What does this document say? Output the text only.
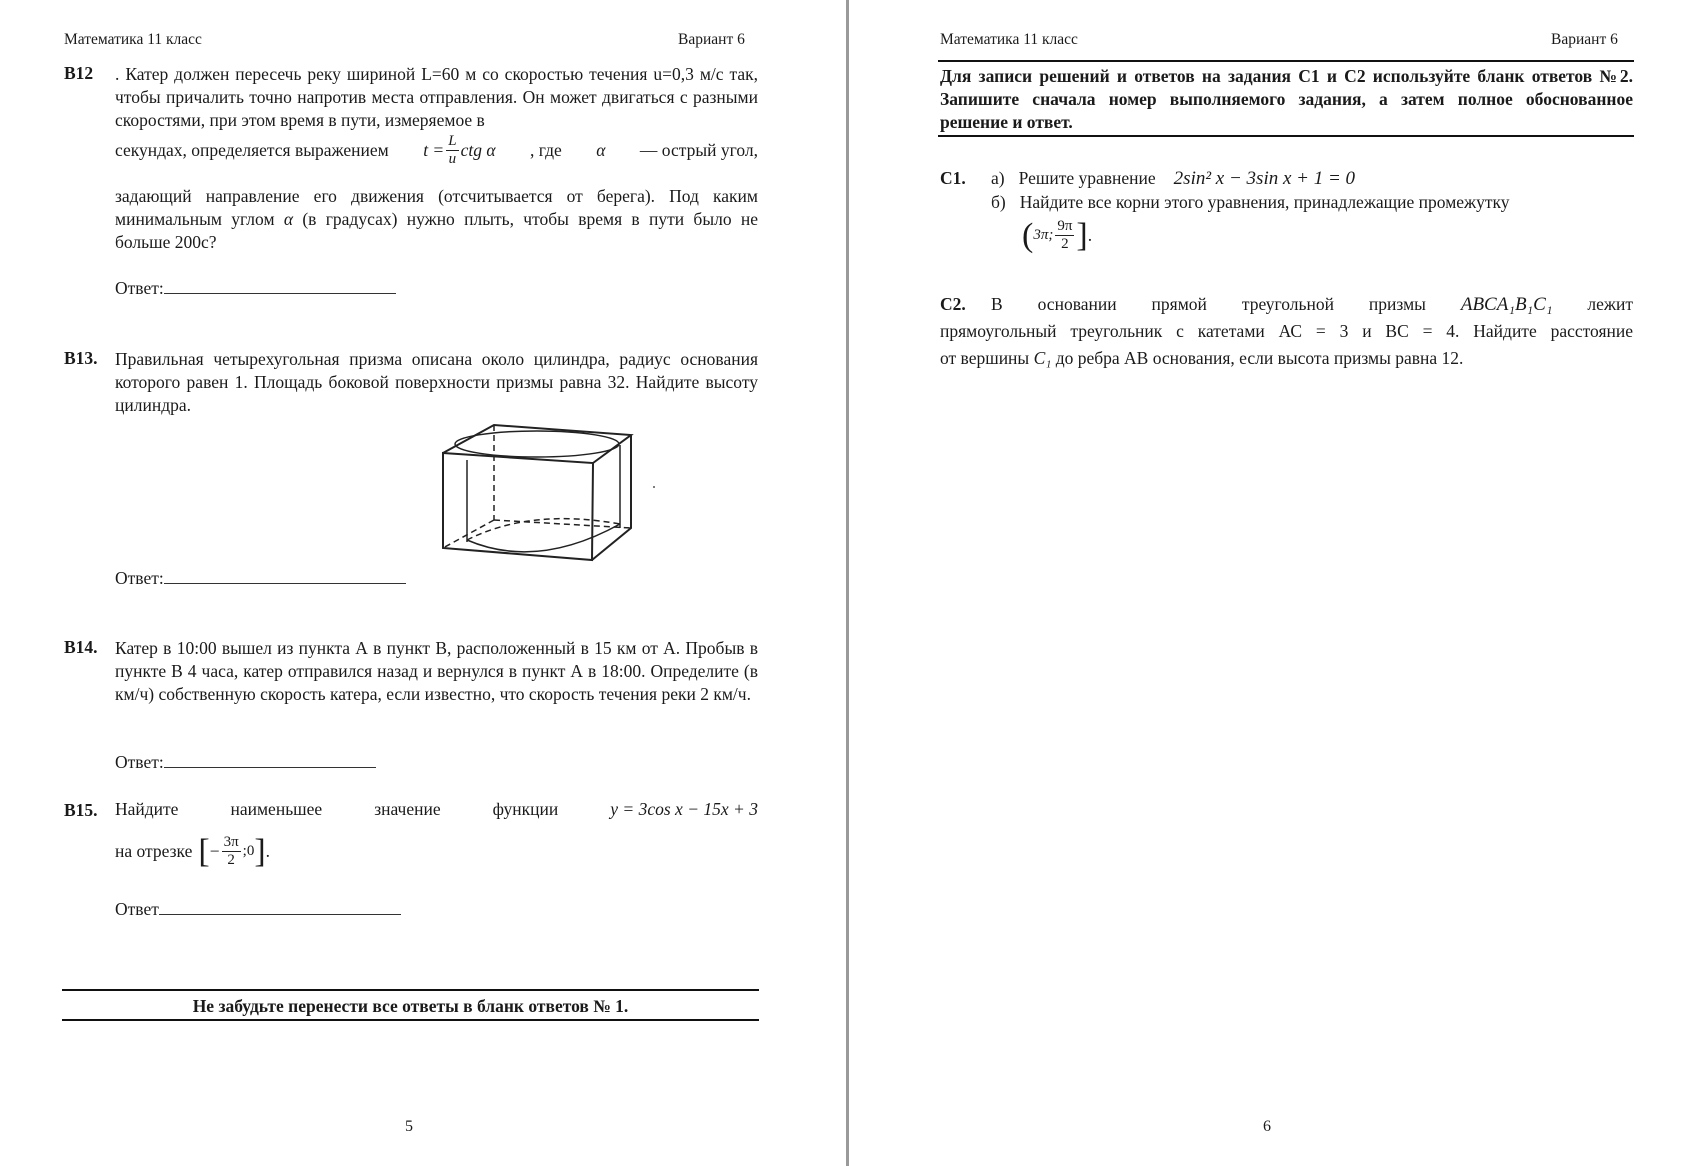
Математика 11 класс	Вариант 6
B12 . Катер должен пересечь реку шириной L=60 м со скоростью течения u=0,3 м/с так, чтобы причалить точно напротив места отправления. Он может двигаться с разными скоростями, при этом время в пути, измеряемое в

секундах, определяется выражением $t = \frac{L}{u}$ ctg α , где α — острый угол,

задающий направление его движения (отсчитывается от берега). Под каким минимальным углом α (в градусах) нужно плыть, чтобы время в пути было не больше 200с?

Ответ:
B13. Правильная четырехугольная призма описана около цилиндра, радиус основания которого равен 1. Площадь боковой поверхности призмы равна 32. Найдите высоту цилиндра.

Ответ:
B14. Катер в 10:00 вышел из пункта А в пункт В, расположенный в 15 км от А. Пробыв в пункте В 4 часа, катер отправился назад и вернулся в пункт А в 18:00. Определите (в км/ч) собственную скорость катера, если известно, что скорость течения реки 2 км/ч.

Ответ:
B15. Найдите	наименьшее	значение	функции	y = 3cos x − 15x + 3
на отрезке [ − $\frac{3\pi}{2}$ ;0 ] .
Ответ
Не забудьте перенести все ответы в бланк ответов № 1.
5
Математика 11 класс	Вариант 6

Для записи решений и ответов на задания С1 и С2 используйте бланк ответов №2. Запишите сначала номер выполняемого задания, а затем полное обоснованное решение и ответ.

C1. а) Решите уравнение 2sin² x − 3sin x + 1 = 0
б) Найдите все корни этого уравнения, принадлежащие промежутку
( 3π; $\frac{9\pi}{2}$ ] .
C2. В основании прямой треугольной призмы ABCA₁B₁C₁ лежит
прямоугольный треугольник с катетами АС = 3 и ВС = 4. Найдите расстояние
от вершины C₁ до ребра АВ основания, если высота призмы равна 12.
6
